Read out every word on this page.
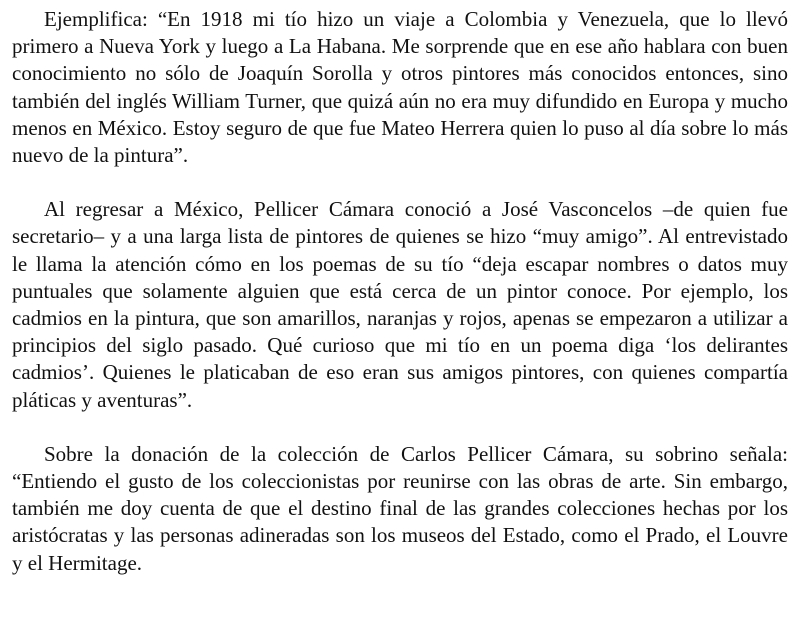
Ejemplifica: “En 1918 mi tío hizo un viaje a Colombia y Venezuela, que lo llevó primero a Nueva York y luego a La Habana. Me sorprende que en ese año hablara con buen conocimiento no sólo de Joaquín Sorolla y otros pintores más conocidos entonces, sino también del inglés William Turner, que quizá aún no era muy difundido en Europa y mucho menos en México. Estoy seguro de que fue Mateo Herrera quien lo puso al día sobre lo más nuevo de la pintura”.

Al regresar a México, Pellicer Cámara conoció a José Vasconcelos –de quien fue secretario– y a una larga lista de pintores de quienes se hizo “muy amigo”. Al entrevistado le llama la atención cómo en los poemas de su tío “deja escapar nombres o datos muy puntuales que solamente alguien que está cerca de un pintor conoce. Por ejemplo, los cadmios en la pintura, que son amarillos, naranjas y rojos, apenas se empezaron a utilizar a principios del siglo pasado. Qué curioso que mi tío en un poema diga ‘los delirantes cadmios’. Quienes le platicaban de eso eran sus amigos pintores, con quienes compartía pláticas y aventuras”.

Sobre la donación de la colección de Carlos Pellicer Cámara, su sobrino señala: “Entiendo el gusto de los coleccionistas por reunirse con las obras de arte. Sin embargo, también me doy cuenta de que el destino final de las grandes colecciones hechas por los aristócratas y las personas adineradas son los museos del Estado, como el Prado, el Louvre y el Hermitage.
